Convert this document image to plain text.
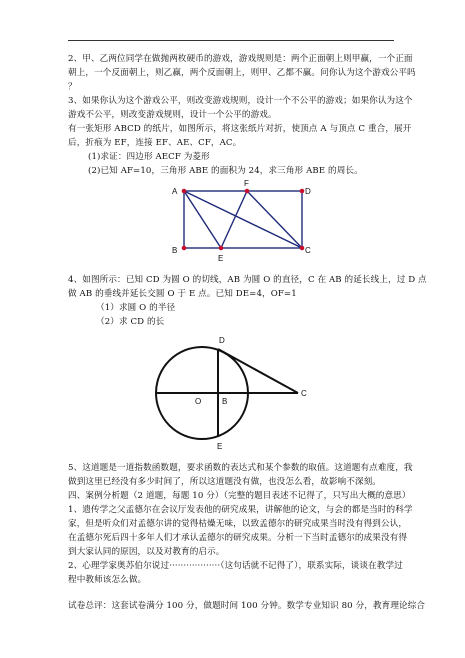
2、甲、乙两位同学在做抛两枚硬币的游戏，游戏规则是：两个正面朝上则甲赢，一个正面
朝上，一个反面朝上，则乙赢，两个反面朝上，则甲、乙都不赢。问你认为这个游戏公平吗
？
3、如果你认为这个游戏公平，则改变游戏规则，设计一个不公平的游戏；如果你认为这个
游戏不公平，则改变游戏规则，设计一个公平的游戏。
有一张矩形 ABCD 的纸片，如图所示，将这张纸片对折，使顶点 A 与顶点 C 重合，展开
后，折痕为 EF，连接 EF、AE、CF，AC。
(1)求证：四边形 AECF 为菱形
(2)已知 AF=10，三角形 ABE 的面积为 24，求三角形 ABE 的周长。
A
F
D
B
E
C
4、如图所示：已知 CD 为圆 O 的切线，AB 为圆 O 的直径，C 在 AB 的延长线上，过 D 点
做 AB 的垂线并延长交圆 O 于 E 点。已知 DE=4，OF=1
（1）求圆 O 的半径
（2）求 CD 的长
D
O	B
C
E
5、这道题是一道指数函数题，要求函数的表达式和某个参数的取值。这道题有点难度，我
做到这里已经没有多少时间了，所以这道题没有做，也没怎么看，故影响不深刻。
四、案例分析题（2 道题，每题 10 分）（完整的题目表述不记得了，只写出大概的意思）
1、遗传学之父孟德尔在会议厅发表他的研究成果，讲解他的论文，与会的都是当时的科学
家，但是听众们对孟德尔讲的觉得枯燥无味，以致孟德尔的研究成果当时没有得到公认，
在孟德尔死后四十多年人们才承认孟德尔的研究成果。分析一下当时孟德尔的成果没有得
到大家认同的原因，以及对教育的启示。
2、心理学家奥苏伯尔说过··················（这句话就不记得了），联系实际，谈谈在教学过
程中教师该怎么做。
试卷总评：这套试卷满分 100 分，做题时间 100 分钟。数学专业知识 80 分，教育理论综合
